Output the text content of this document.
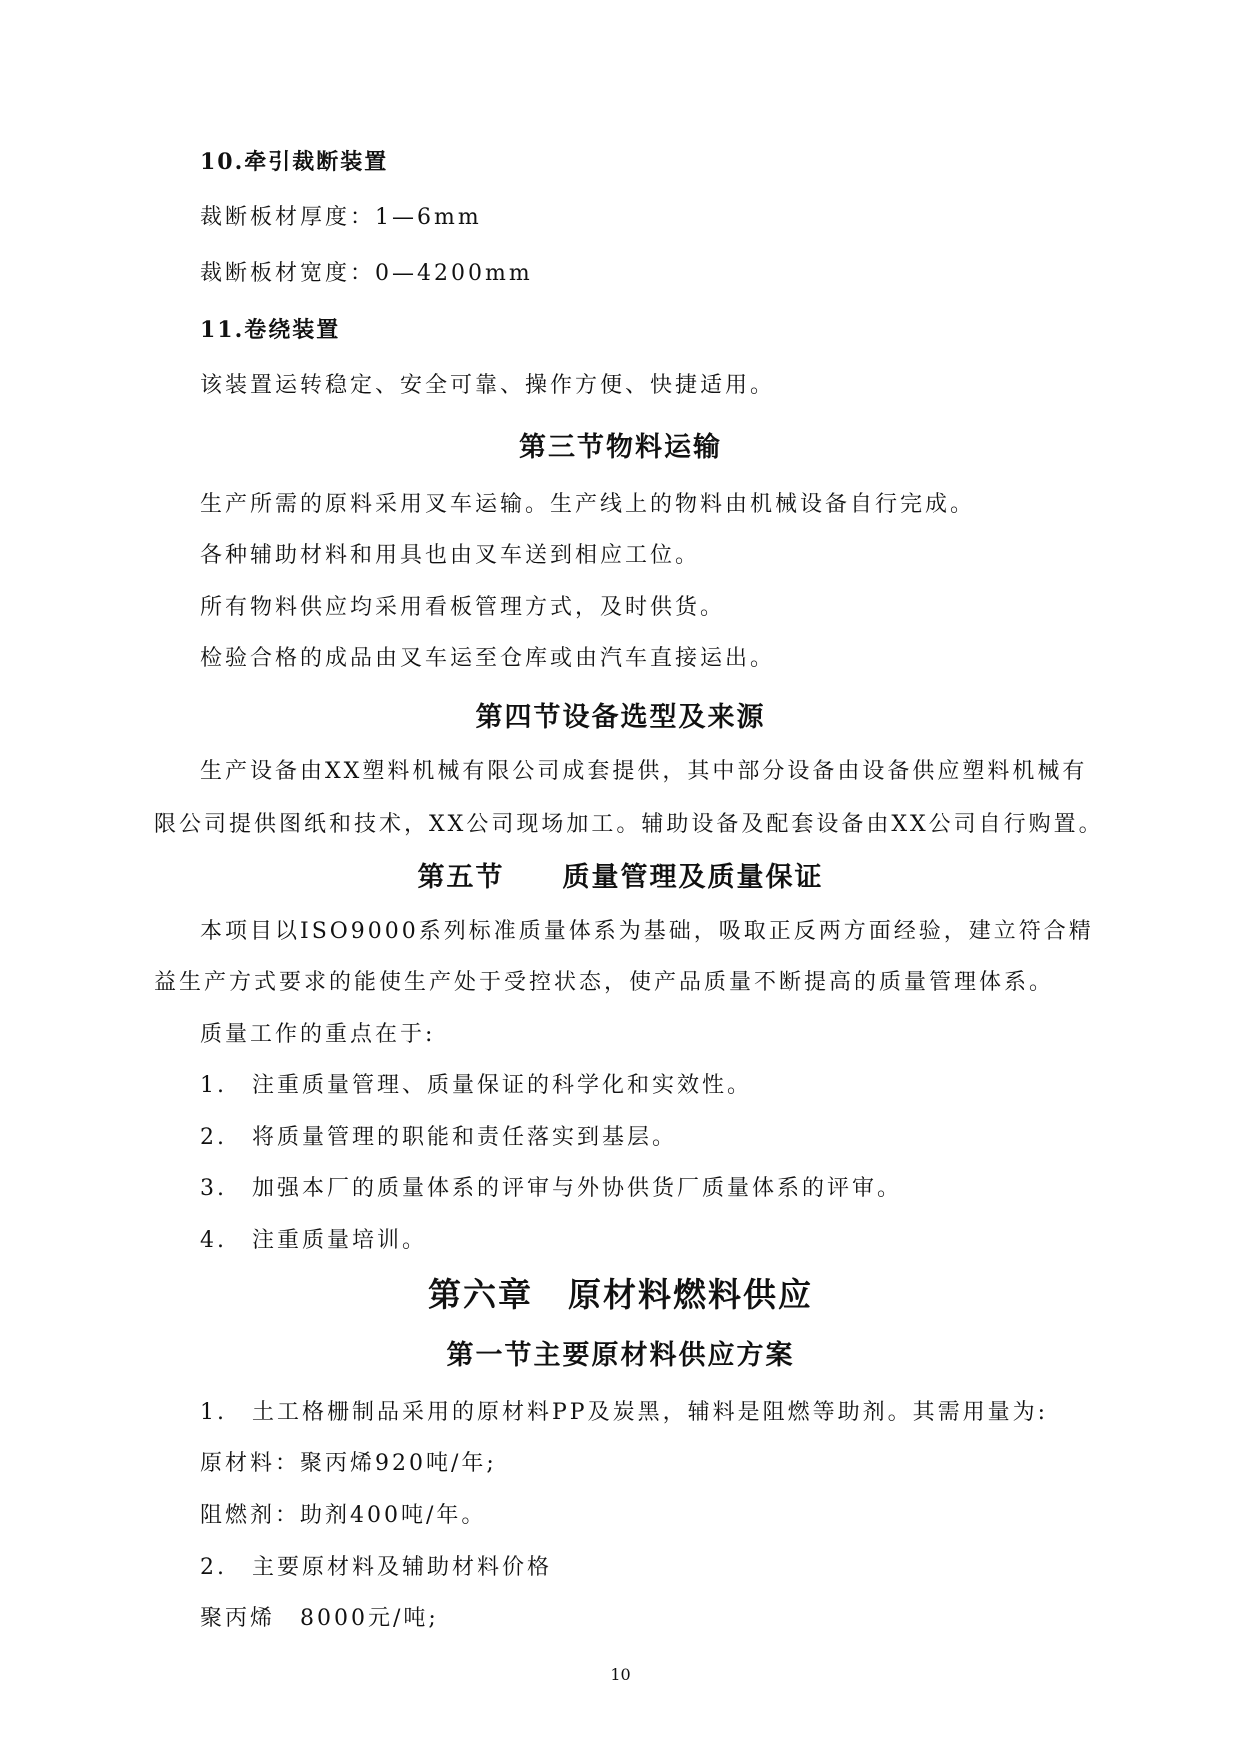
10.牵引裁断装置
裁断板材厚度：1—6mm
裁断板材宽度：0—4200mm
11.卷绕装置
该装置运转稳定、安全可靠、操作方便、快捷适用。
第三节物料运输
生产所需的原料采用叉车运输。生产线上的物料由机械设备自行完成。
各种辅助材料和用具也由叉车送到相应工位。
所有物料供应均采用看板管理方式，及时供货。
检验合格的成品由叉车运至仓库或由汽车直接运出。
第四节设备选型及来源
生产设备由XX塑料机械有限公司成套提供，其中部分设备由设备供应塑料机械有
限公司提供图纸和技术，XX公司现场加工。辅助设备及配套设备由XX公司自行购置。
第五节　　质量管理及质量保证
本项目以ISO9000系列标准质量体系为基础，吸取正反两方面经验，建立符合精
益生产方式要求的能使生产处于受控状态，使产品质量不断提高的质量管理体系。
质量工作的重点在于:
1.　注重质量管理、质量保证的科学化和实效性。
2.　将质量管理的职能和责任落实到基层。
3.　加强本厂的质量体系的评审与外协供货厂质量体系的评审。
4.　注重质量培训。
第六章　原材料燃料供应
第一节主要原材料供应方案
1.　土工格栅制品采用的原材料PP及炭黑，辅料是阻燃等助剂。其需用量为:
原材料：聚丙烯920吨/年;
阻燃剂：助剂400吨/年。
2.　主要原材料及辅助材料价格
聚丙烯　8000元/吨;
10
